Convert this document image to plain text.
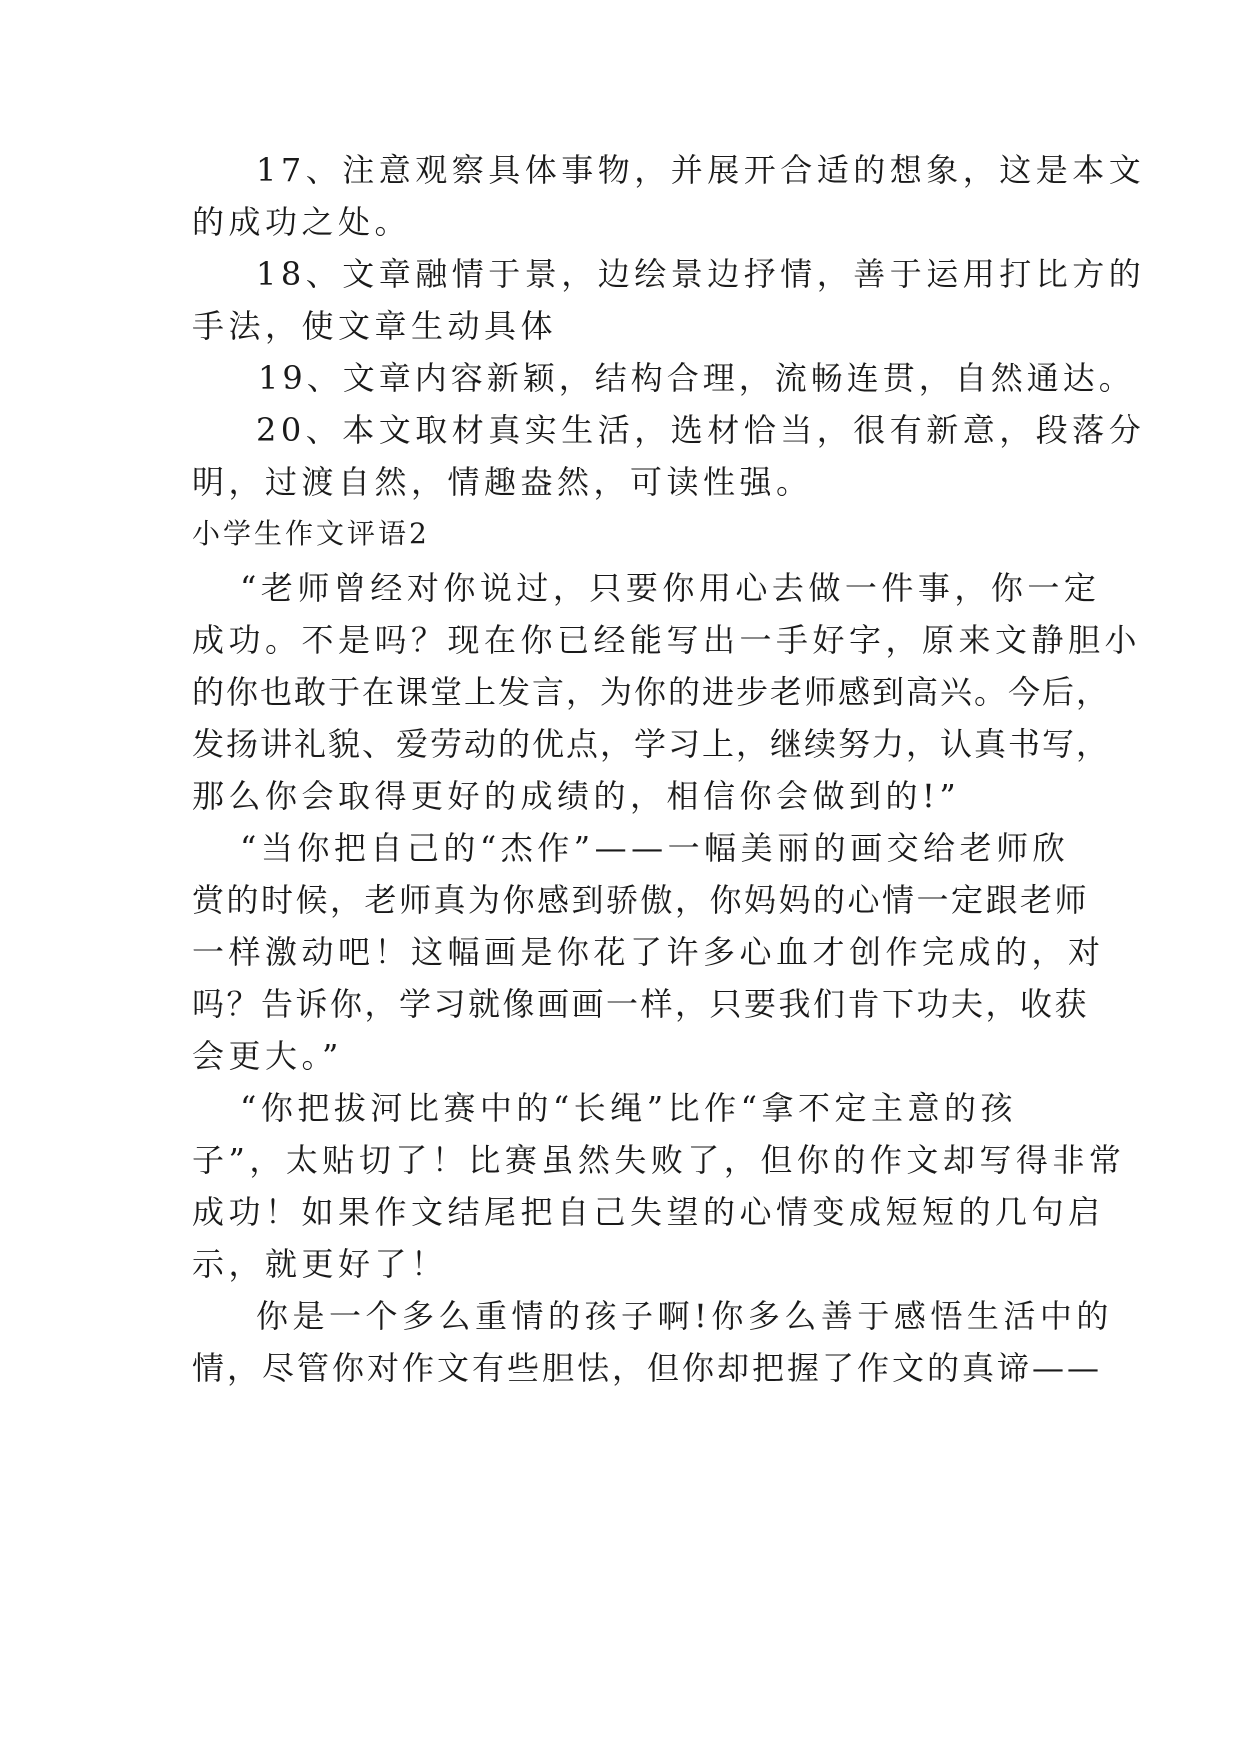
17、注意观察具体事物，并展开合适的想象，这是本文
的成功之处。
18、文章融情于景，边绘景边抒情，善于运用打比方的
手法，使文章生动具体
19、文章内容新颖，结构合理，流畅连贯，自然通达。
20、本文取材真实生活，选材恰当，很有新意，段落分
明，过渡自然，情趣盎然，可读性强。
小学生作文评语2
“老师曾经对你说过，只要你用心去做一件事，你一定
成功。不是吗？现在你已经能写出一手好字，原来文静胆小
的你也敢于在课堂上发言，为你的进步老师感到高兴。今后，
发扬讲礼貌、爱劳动的优点，学习上，继续努力，认真书写，
那么你会取得更好的成绩的，相信你会做到的!”
“当你把自己的“杰作”——一幅美丽的画交给老师欣
赏的时候，老师真为你感到骄傲，你妈妈的心情一定跟老师
一样激动吧！这幅画是你花了许多心血才创作完成的，对
吗？告诉你，学习就像画画一样，只要我们肯下功夫，收获
会更大。”
“你把拔河比赛中的“长绳”比作“拿不定主意的孩
子”，太贴切了！比赛虽然失败了，但你的作文却写得非常
成功！如果作文结尾把自己失望的心情变成短短的几句启
示，就更好了！
你是一个多么重情的孩子啊!你多么善于感悟生活中的
情，尽管你对作文有些胆怯，但你却把握了作文的真谛——
